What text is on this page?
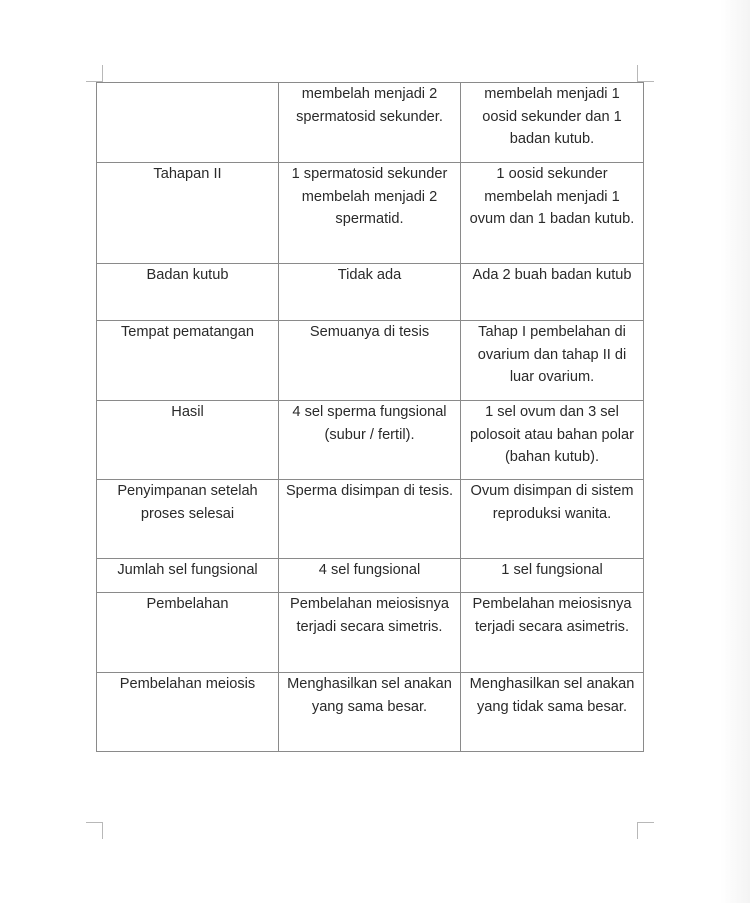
	membelah menjadi 2 spermatosid sekunder.	membelah menjadi 1 oosid sekunder dan 1 badan kutub.
Tahapan II	1 spermatosid sekunder membelah menjadi 2 spermatid.	1 oosid sekunder membelah menjadi 1 ovum dan 1 badan kutub.
Badan kutub	Tidak ada	Ada 2 buah badan kutub
Tempat pematangan	Semuanya di tesis	Tahap I pembelahan di ovarium dan tahap II di luar ovarium.
Hasil	4 sel sperma fungsional (subur / fertil).	1 sel ovum dan 3 sel polosoit atau bahan polar (bahan kutub).
Penyimpanan setelah proses selesai	Sperma disimpan di tesis.	Ovum disimpan di sistem reproduksi wanita.
Jumlah sel fungsional	4 sel fungsional	1 sel fungsional
Pembelahan	Pembelahan meiosisnya terjadi secara simetris.	Pembelahan meiosisnya terjadi secara asimetris.
Pembelahan meiosis	Menghasilkan sel anakan yang sama besar.	Menghasilkan sel anakan yang tidak sama besar.
